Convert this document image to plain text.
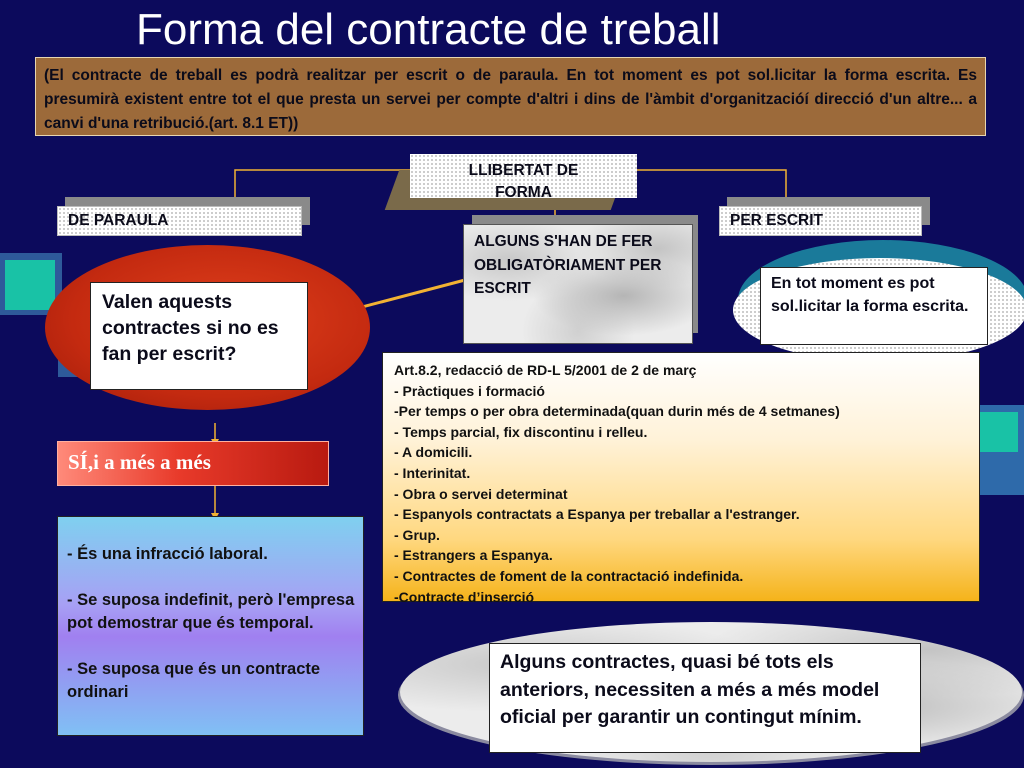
Forma del contracte de treball
(El contracte de treball es podrà realitzar per escrit o de paraula. En tot moment es pot sol.licitar la forma escrita. Es presumirà existent entre tot el que presta un servei per compte d'altri i dins de l'àmbit d'organitzacióí direcció d'un altre... a canvi d'una retribució.(art. 8.1 ET))
LLIBERTAT DE FORMA
DE PARAULA	PER ESCRIT
ALGUNS S'HAN DE FER OBLIGATÒRIAMENT PER ESCRIT	En tot moment es pot sol.licitar la forma escrita.
Valen aquests contractes si no es fan per escrit?
SÍ,i a més a més
- És una infracció laboral.
- Se suposa indefinit, però l'empresa pot demostrar que és temporal.
- Se suposa que és un contracte ordinari
Art.8.2, redacció de RD-L 5/2001 de 2 de març
- Pràctiques i formació
-Per temps o per obra determinada(quan durin més de 4 setmanes)
- Temps parcial, fix discontinu i relleu.
- A domicili.
- Interinitat.
- Obra o servei determinat
- Espanyols contractats a Espanya per treballar a l'estranger.
- Grup.
- Estrangers a Espanya.
- Contractes de foment de la contractació indefinida.
-Contracte d’inserció
Alguns contractes, quasi bé tots els anteriors, necessiten a més a més model oficial per garantir un contingut mínim.
